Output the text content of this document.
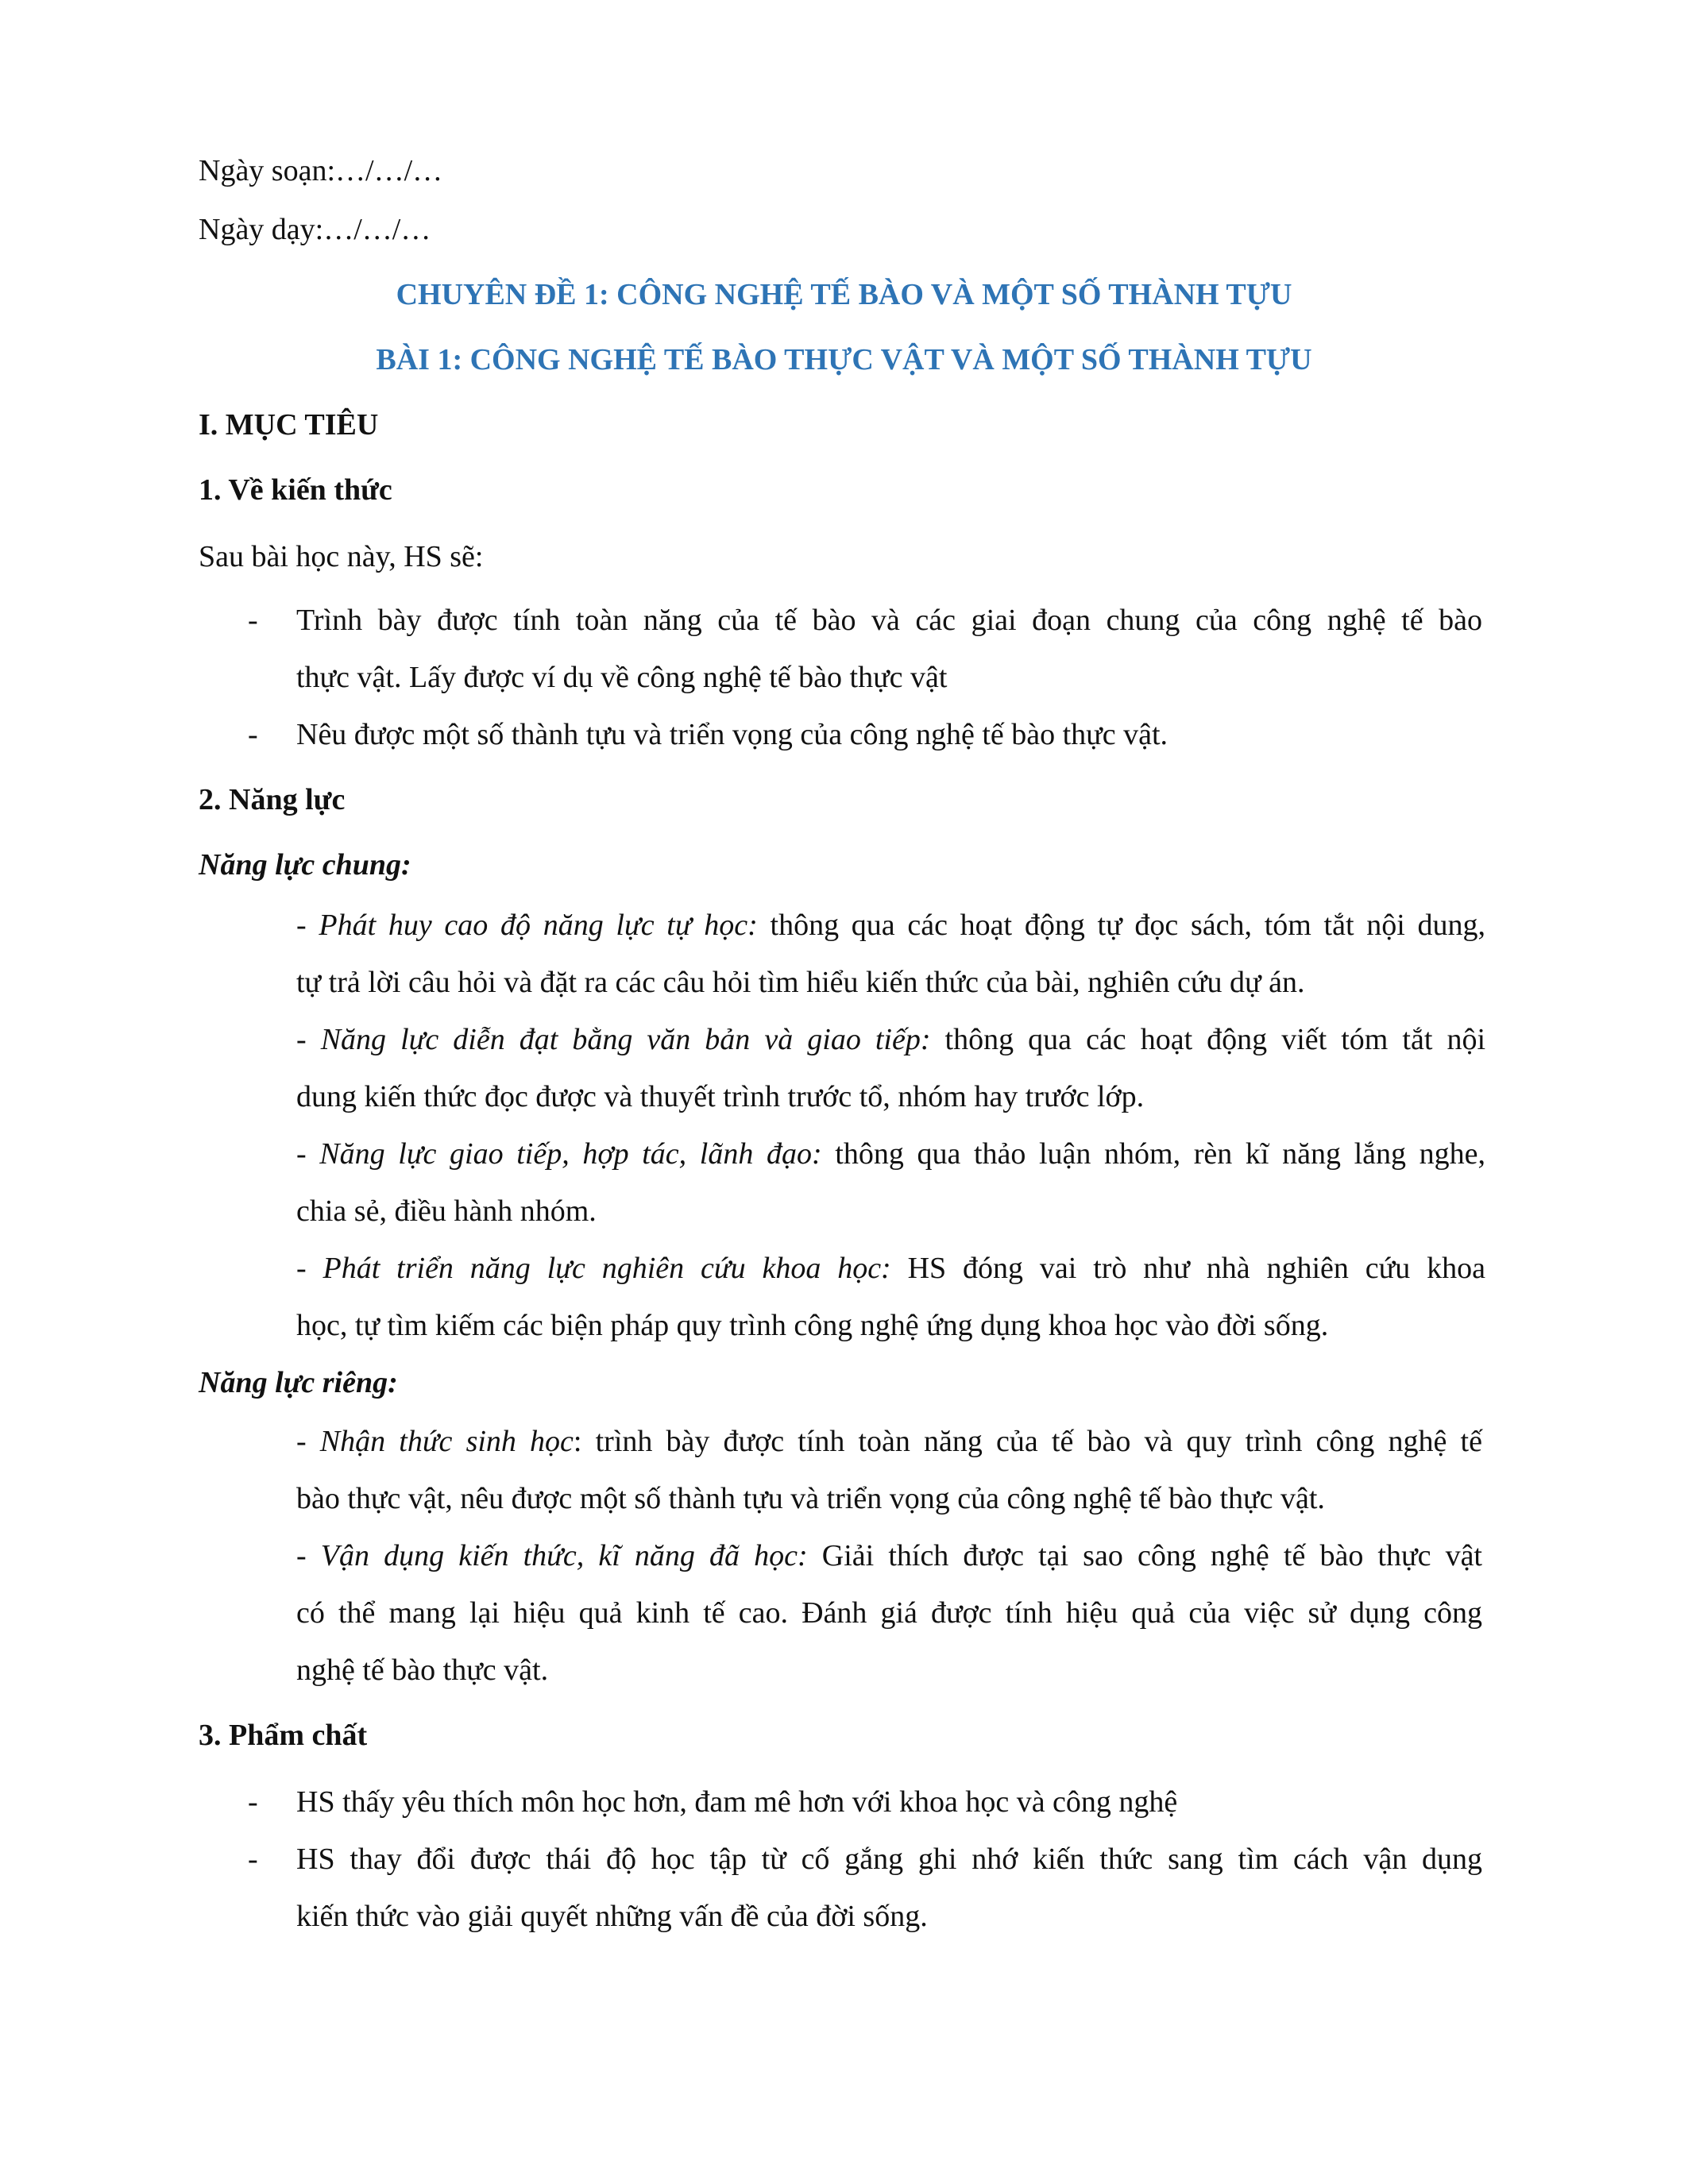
Ngày soạn:…/…/…
Ngày dạy:…/…/…
CHUYÊN ĐỀ 1: CÔNG NGHỆ TẾ BÀO VÀ MỘT SỐ THÀNH TỰU
BÀI 1: CÔNG NGHỆ TẾ BÀO THỰC VẬT VÀ MỘT SỐ THÀNH TỰU
I. MỤC TIÊU
1. Về kiến thức
Sau bài học này, HS sẽ:
- Trình bày được tính toàn năng của tế bào và các giai đoạn chung của công nghệ tế bào
thực vật. Lấy được ví dụ về công nghệ tế bào thực vật
- Nêu được một số thành tựu và triển vọng của công nghệ tế bào thực vật.
2. Năng lực
Năng lực chung:
- Phát huy cao độ năng lực tự học: thông qua các hoạt động tự đọc sách, tóm tắt nội dung,
tự trả lời câu hỏi và đặt ra các câu hỏi tìm hiểu kiến thức của bài, nghiên cứu dự án.
- Năng lực diễn đạt bằng văn bản và giao tiếp: thông qua các hoạt động viết tóm tắt nội
dung kiến thức đọc được và thuyết trình trước tổ, nhóm hay trước lớp.
- Năng lực giao tiếp, hợp tác, lãnh đạo: thông qua thảo luận nhóm, rèn kĩ năng lắng nghe,
chia sẻ, điều hành nhóm.
- Phát triển năng lực nghiên cứu khoa học: HS đóng vai trò như nhà nghiên cứu khoa
học, tự tìm kiếm các biện pháp quy trình công nghệ ứng dụng khoa học vào đời sống.
Năng lực riêng:
- Nhận thức sinh học: trình bày được tính toàn năng của tế bào và quy trình công nghệ tế
bào thực vật, nêu được một số thành tựu và triển vọng của công nghệ tế bào thực vật.
- Vận dụng kiến thức, kĩ năng đã học: Giải thích được tại sao công nghệ tế bào thực vật
có thể mang lại hiệu quả kinh tế cao. Đánh giá được tính hiệu quả của việc sử dụng công
nghệ tế bào thực vật.
3. Phẩm chất
- HS thấy yêu thích môn học hơn, đam mê hơn với khoa học và công nghệ
- HS thay đổi được thái độ học tập từ cố gắng ghi nhớ kiến thức sang tìm cách vận dụng
kiến thức vào giải quyết những vấn đề của đời sống.
